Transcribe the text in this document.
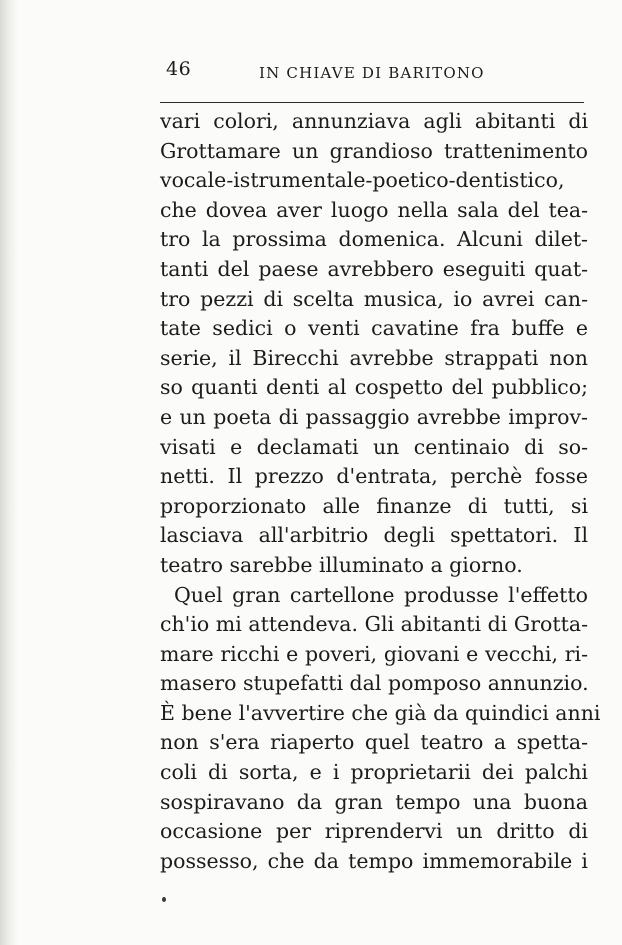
46	IN CHIAVE DI BARITONO
vari colori, annunziava agli abitanti di
Grottamare un grandioso trattenimento
vocale-istrumentale-poetico-dentistico,
che dovea aver luogo nella sala del tea-
tro la prossima domenica. Alcuni dilet-
tanti del paese avrebbero eseguiti quat-
tro pezzi di scelta musica, io avrei can-
tate sedici o venti cavatine fra buffe e
serie, il Birecchi avrebbe strappati non
so quanti denti al cospetto del pubblico;
e un poeta di passaggio avrebbe improv-
visati e declamati un centinaio di so-
netti. Il prezzo d'entrata, perchè fosse
proporzionato alle finanze di tutti, si
lasciava all'arbitrio degli spettatori. Il
teatro sarebbe illuminato a giorno.
Quel gran cartellone produsse l'effetto
ch'io mi attendeva. Gli abitanti di Grotta-
mare ricchi e poveri, giovani e vecchi, ri-
masero stupefatti dal pomposo annunzio.
È bene l'avvertire che già da quindici anni
non s'era riaperto quel teatro a spetta-
coli di sorta, e i proprietarii dei palchi
sospiravano da gran tempo una buona
occasione per riprendervi un dritto di
possesso, che da tempo immemorabile i
